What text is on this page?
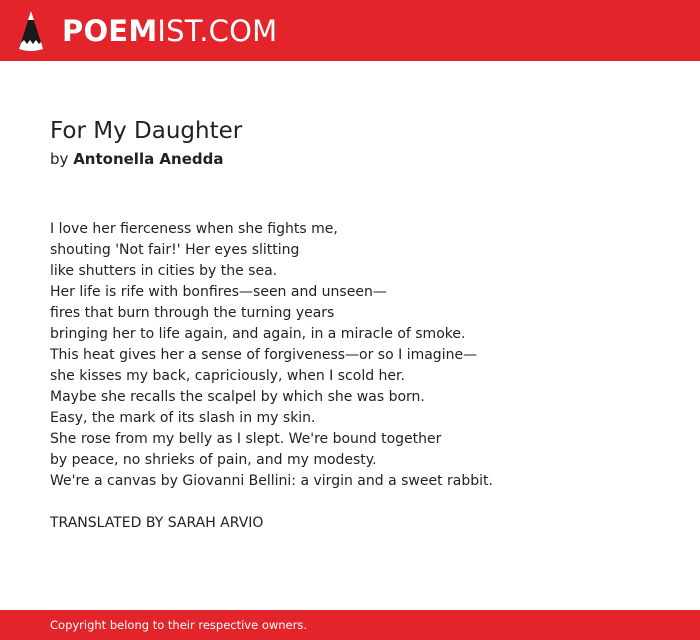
POEMIST.COM
For My Daughter
by Antonella Anedda
I love her fierceness when she fights me,
shouting 'Not fair!' Her eyes slitting
like shutters in cities by the sea.
Her life is rife with bonfires—seen and unseen—
fires that burn through the turning years
bringing her to life again, and again, in a miracle of smoke.
This heat gives her a sense of forgiveness—or so I imagine—
she kisses my back, capriciously, when I scold her.
Maybe she recalls the scalpel by which she was born.
Easy, the mark of its slash in my skin.
She rose from my belly as I slept. We're bound together
by peace, no shrieks of pain, and my modesty.
We're a canvas by Giovanni Bellini: a virgin and a sweet rabbit.
TRANSLATED BY SARAH ARVIO
Copyright belong to their respective owners.
